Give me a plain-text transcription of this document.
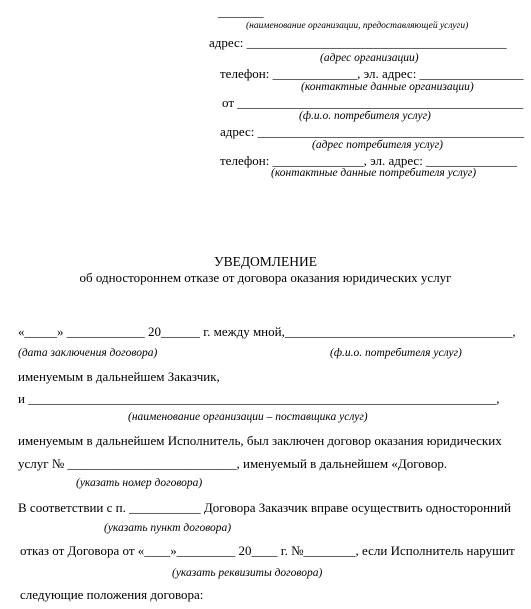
_______
(наименование организации, предоставляющей услуги)
адрес: ________________________________________
(адрес организации)
телефон: _____________, эл. адрес: ________________
(контактные данные организации)
от ____________________________________________
(ф.и.о. потребителя услуг)
адрес: _________________________________________
(адрес потребителя услуг)
телефон: ______________, эл. адрес: ______________
(контактные данные потребителя услуг)
УВЕДОМЛЕНИЕ
об одностороннем отказе от договора оказания юридических услуг
«_____» ____________ 20______ г. между мной,___________________________________,
(дата заключения договора)	(ф.и.о. потребителя услуг)
именуемым в дальнейшем Заказчик,
и ________________________________________________________________________,
(наименование организации – поставщика услуг)
именуемым в дальнейшем Исполнитель, был заключен договор оказания юридических
услуг № __________________________, именуемый в дальнейшем «Договор.
(указать номер договора)
В соответствии с п. ___________ Договора Заказчик вправе осуществить односторонний
(указать пункт договора)
отказ от Договора от «____»_________ 20____ г. №________, если Исполнитель нарушит
(указать реквизиты договора)
следующие положения договора:
